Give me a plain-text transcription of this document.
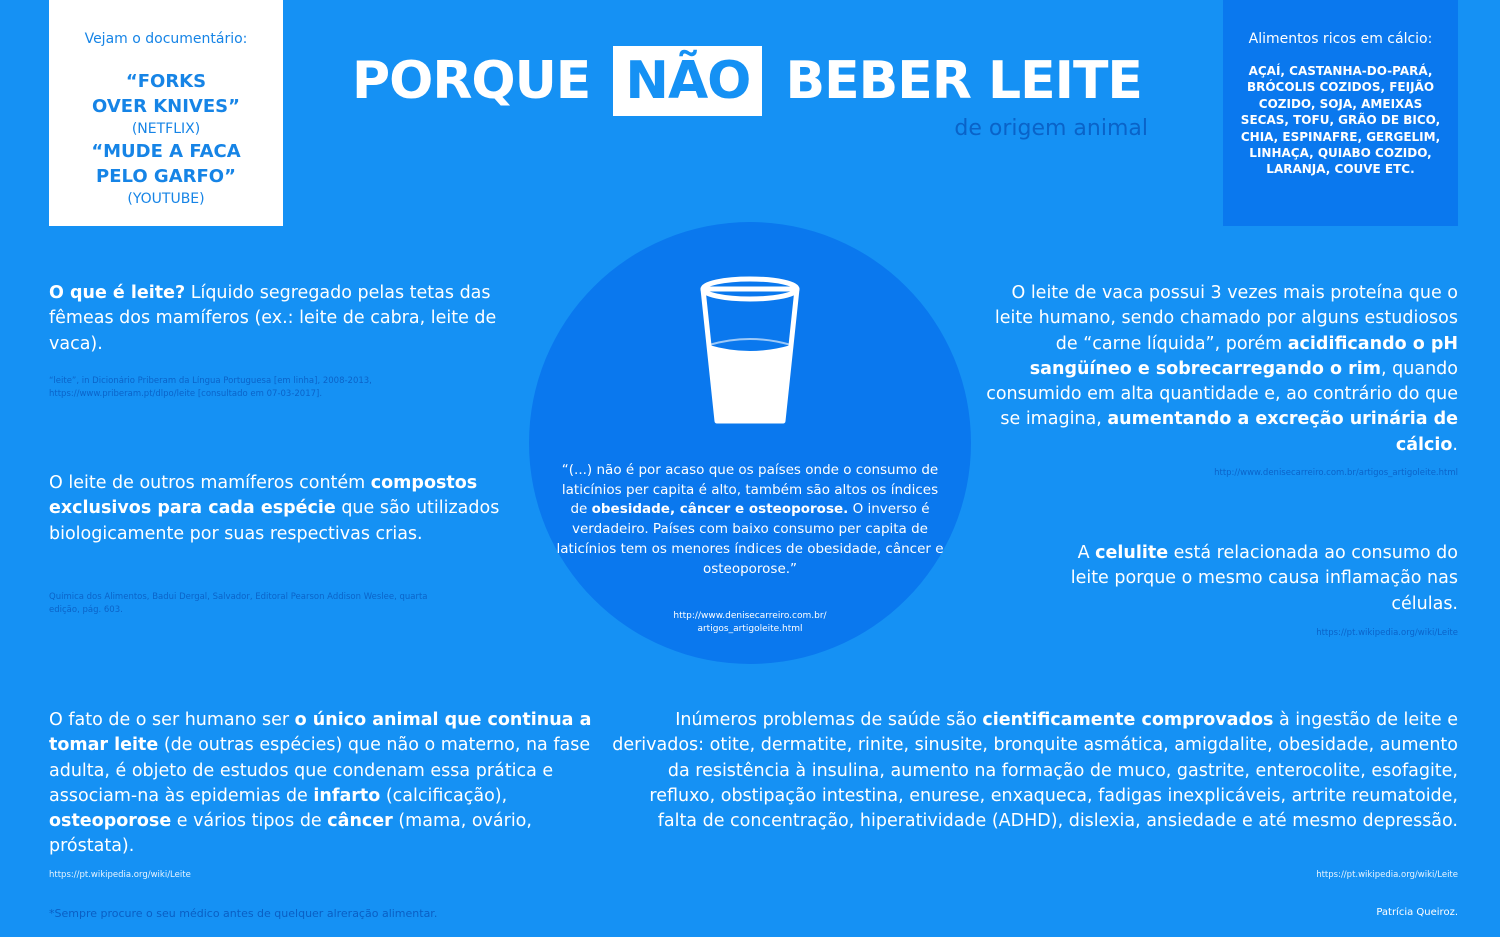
Vejam o documentário:
“FORKS
OVER KNIVES”
(NETFLIX)
“MUDE A FACA
PELO GARFO”
(YOUTUBE)
PORQUE NÃO BEBER LEITE
de origem animal
Alimentos ricos em cálcio:
AÇAÍ, CASTANHA-DO-PARÁ, BRÓCOLIS COZIDOS, FEIJÃO COZIDO, SOJA, AMEIXAS SECAS, TOFU, GRÃO DE BICO, CHIA, ESPINAFRE, GERGELIM, LINHAÇA, QUIABO COZIDO, LARANJA, COUVE ETC.
“(...) não é por acaso que os países onde o consumo de laticínios per capita é alto, também são altos os índices de obesidade, câncer e osteoporose. O inverso é verdadeiro. Países com baixo consumo per capita de laticínios tem os menores índices de obesidade, câncer e osteoporose.”
http://www.denisecarreiro.com.br/
artigos_artigoleite.html
O que é leite? Líquido segregado pelas tetas das fêmeas dos mamíferos (ex.: leite de cabra, leite de vaca).
“leite”, in Dicionário Priberam da Língua Portuguesa [em linha], 2008-2013, https://www.priberam.pt/dlpo/leite [consultado em 07-03-2017].
O leite de outros mamíferos contém compostos exclusivos para cada espécie que são utilizados biologicamente por suas respectivas crias.
Química dos Alimentos, Badui Dergal, Salvador, Editoral Pearson Addison Weslee, quarta edição, pág. 603.
O fato de o ser humano ser o único animal que continua a tomar leite (de outras espécies) que não o materno, na fase adulta, é objeto de estudos que condenam essa prática e associam-na às epidemias de infarto (calcificação), osteoporose e vários tipos de câncer (mama, ovário, próstata).
https://pt.wikipedia.org/wiki/Leite
O leite de vaca possui 3 vezes mais proteína que o leite humano, sendo chamado por alguns estudiosos de “carne líquida”, porém acidificando o pH sangüíneo e sobrecarregando o rim, quando consumido em alta quantidade e, ao contrário do que se imagina, aumentando a excreção urinária de cálcio.
http://www.denisecarreiro.com.br/artigos_artigoleite.html
A celulite está relacionada ao consumo do leite porque o mesmo causa inflamação nas células.
https://pt.wikipedia.org/wiki/Leite
Inúmeros problemas de saúde são cientificamente comprovados à ingestão de leite e derivados: otite, dermatite, rinite, sinusite, bronquite asmática, amigdalite, obesidade, aumento da resistência à insulina, aumento na formação de muco, gastrite, enterocolite, esofagite, refluxo, obstipação intestina, enurese, enxaqueca, fadigas inexplicáveis, artrite reumatoide, falta de concentração, hiperatividade (ADHD), dislexia, ansiedade e até mesmo depressão.
https://pt.wikipedia.org/wiki/Leite
*Sempre procure o seu médico antes de quelquer alreração alimentar.	Patrícia Queiroz.
